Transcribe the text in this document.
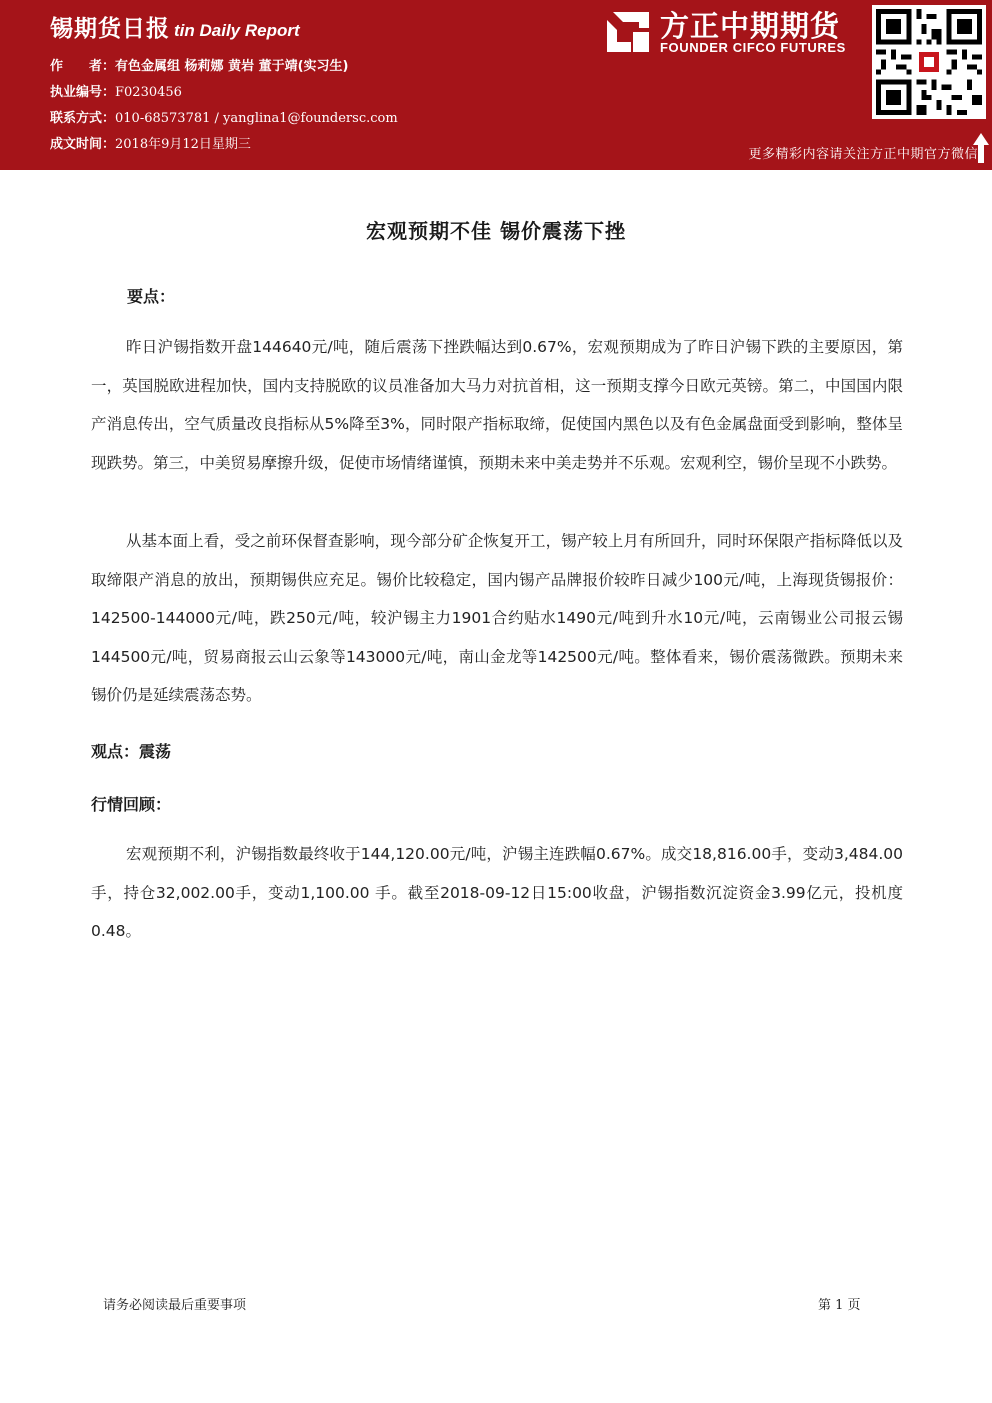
锡期货日报 tin Daily Report
作　　者：有色金属组 杨莉娜 黄岩 董于靖(实习生)
执业编号：F0230456
联系方式：010-68573781 / yanglina1@foundersc.com
成文时间：2018年9月12日星期三
方正中期期货
FOUNDER CIFCO FUTURES
更多精彩内容请关注方正中期官方微信
宏观预期不佳 锡价震荡下挫
要点：

昨日沪锡指数开盘144640元/吨，随后震荡下挫跌幅达到0.67%，宏观预期成为了昨日沪锡下跌的主要原因，第一，英国脱欧进程加快，国内支持脱欧的议员准备加大马力对抗首相，这一预期支撑今日欧元英镑。第二，中国国内限产消息传出，空气质量改良指标从5%降至3%，同时限产指标取缔，促使国内黑色以及有色金属盘面受到影响，整体呈现跌势。第三，中美贸易摩擦升级，促使市场情绪谨慎，预期未来中美走势并不乐观。宏观利空，锡价呈现不小跌势。

从基本面上看，受之前环保督查影响，现今部分矿企恢复开工，锡产较上月有所回升，同时环保限产指标降低以及取缔限产消息的放出，预期锡供应充足。锡价比较稳定，国内锡产品牌报价较昨日减少100元/吨，上海现货锡报价：142500-144000元/吨，跌250元/吨，较沪锡主力1901合约贴水1490元/吨到升水10元/吨，云南锡业公司报云锡144500元/吨，贸易商报云山云象等143000元/吨，南山金龙等142500元/吨。整体看来，锡价震荡微跌。预期未来锡价仍是延续震荡态势。

观点：震荡
行情回顾：

宏观预期不利，沪锡指数最终收于144,120.00元/吨，沪锡主连跌幅0.67%。成交18,816.00手，变动3,484.00手，持仓32,002.00手，变动1,100.00 手。截至2018-09-12日15:00收盘，沪锡指数沉淀资金3.99亿元，投机度0.48。

请务必阅读最后重要事项	第 1 页
